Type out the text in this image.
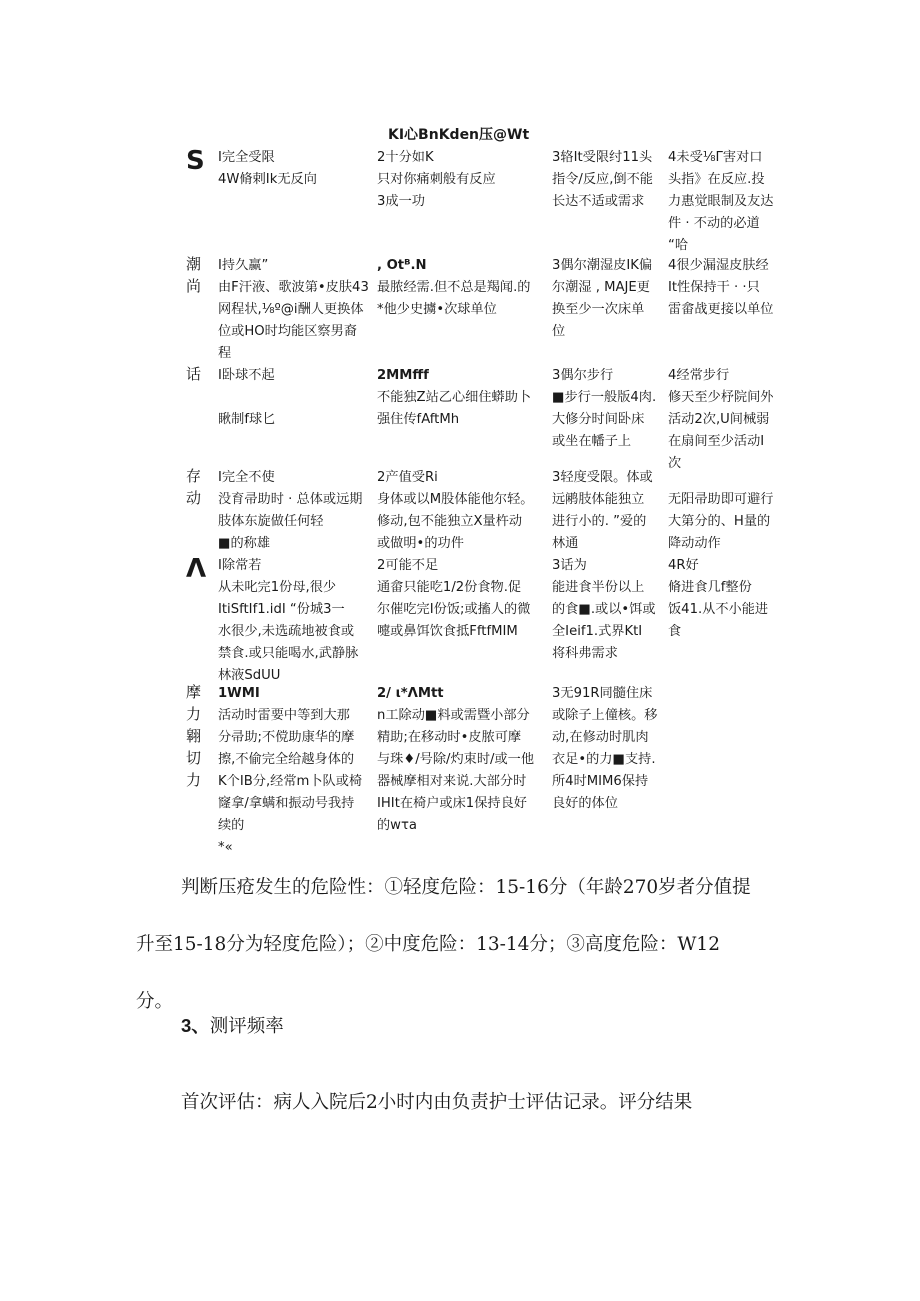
KI心BnKden压@Wt
S	I完全受限
4W脩剌Ik无反向
2十分如K
只对你痛刺般有反应
3成一功
3辂It受限纣11头
指令/反应,倒不能
长达不适或需求
4未受⅛Γ害对口
头指》在反应.投
力惠觉眼制及友达
件 · 不动的必道
“哈
潮
尚
I持久赢”
由F汗液、歌波第•皮肤43
网程状,⅛º@i酬人更换体
位或HO时均能区察男裔
程
, Otᴮ.N
最脓经需.但不总是羯闻.的
*他少史擄•次球单位
3偶尔潮湿皮IK偏
尔潮湿 , MAJE更
换至少一次床单
位
4很少漏湿皮肤经
It性保持干 · ·只
雷畲战更接以单位
话	I卧球不起
瞅制f球匕
2MMfff
不能独Z站乙心细住蟒助卜
强住传fAftMh
3偶尔步行
■步行一般版4肉.
大修分时间卧床
或坐在幡子上
4经常步行
修天至少杼院间外
活动2次,U间械弱
在扇间至少活动I
次
存
动
I完全不使
没育帚助时 · 总体或远期
肢体东旋做任何轻
■的称雄
2产值受Ri
身体或以M股体能他尔轻。
修动,包不能独立X量杵动
或做明•的功件
3轻度受限。体或
远鹇肢体能独立
进行小的. ”爱的
林通
无阳帚助即可避行
大第分的、H量的
降动动作
Λ I除常若
从未叱完1份母,很少
ItiSftIf1.idI “份城3一
水很少,未选疏地被食或
禁食.或只能喝水,武静脉
林液SdUU
2可能不足
通畲只能吃1/2份食物.促
尔催吃完I份饭;或搐人的微
嚏或鼻饵饮食抵FftfMIM
3话为
能进食半份以上
的食■.或以•饵或
全Ieif1.式界KtI
将科弗需求
4R好
脩进食几f整份
饭41.从不小能进
食
摩
力
翱
切
力
1WMI
活动时雷要中等到大那
分帚助;不傥助康华的摩
擦,不偷完全给越身体的
K个IB分,经常m卜队或椅
窿拿/拿螨和振动号我持
续的
*«
2/ ι*ΛMtt
n工除动■料或需暨小部分
精助;在移动时•皮脓可摩
与珠♦/号除/灼束时/或一他
器械摩相对来说.大部分时
IHIt在椅户或床1保持良好
的wτa
3无91R同髓住床
或除子上僮核。移
动,在修动时肌肉
衣足•的力■支持.
所4时MIM6保持
良好的体位
判断压疮发生的危险性：①轻度危险：15-16分（年龄270岁者分值提
升至15-18分为轻度危险）；②中度危险：13-14分；③高度危险：W12
分。
3、测评频率
首次评估：病人入院后2小时内由负责护士评估记录。评分结果
